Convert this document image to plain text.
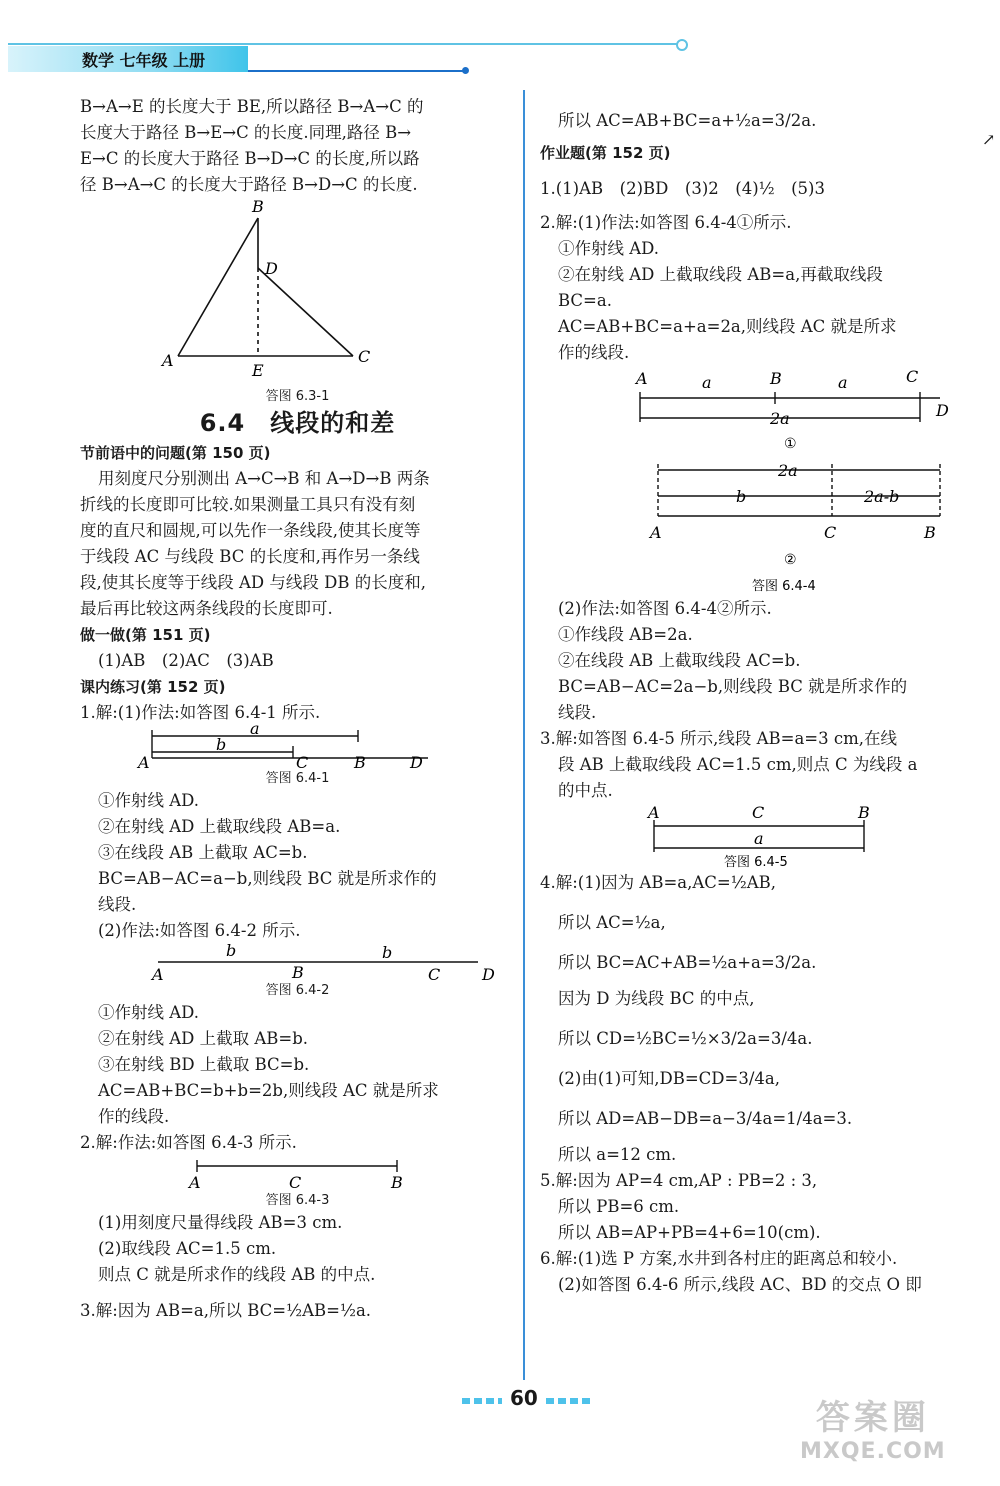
数学 七年级 上册
↗

B→A→E 的长度大于 BE,所以路径 B→A→C 的

长度大于路径 B→E→C 的长度.同理,路径 B→

E→C 的长度大于路径 B→D→C 的长度,所以路

径 B→A→C 的长度大于路径 B→D→C 的长度.

B
D
A
E
C

答图 6.3-1

6.4　线段的和差

节前语中的问题(第 150 页)

用刻度尺分别测出 A→C→B 和 A→D→B 两条

折线的长度即可比较.如果测量工具只有没有刻

度的直尺和圆规,可以先作一条线段,使其长度等

于线段 AC 与线段 BC 的长度和,再作另一条线

段,使其长度等于线段 AD 与线段 DB 的长度和,

最后再比较这两条线段的长度即可.

做一做(第 151 页)

(1)AB　(2)AC　(3)AB

课内练习(第 152 页)

1.解:(1)作法:如答图 6.4-1 所示.

a
A
b
C	B	D

答图 6.4-1

①作射线 AD.

②在射线 AD 上截取线段 AB=a.

③在线段 AB 上截取 AC=b.

BC=AB−AC=a−b,则线段 BC 就是所求作的

线段.

(2)作法:如答图 6.4-2 所示.

b	b
A	B	C	D

答图 6.4-2

①作射线 AD.

②在射线 AD 上截取 AB=b.

③在射线 BD 上截取 BC=b.

AC=AB+BC=b+b=2b,则线段 AC 就是所求

作的线段.

2.解:作法:如答图 6.4-3 所示.

A	C	B

答图 6.4-3

(1)用刻度尺量得线段 AB=3 cm.

(2)取线段 AC=1.5 cm.

则点 C 就是所求作的线段 AB 的中点.

3.解:因为 AB=a,所以 BC=½AB=½a.

所以 AC=AB+BC=a+½a=3/2a.

作业题(第 152 页)

1.(1)AB　(2)BD　(3)2　(4)½　(5)3

2.解:(1)作法:如答图 6.4-4①所示.

①作射线 AD.

②在射线 AD 上截取线段 AB=a,再截取线段

BC=a.

AC=AB+BC=a+a=2a,则线段 AC 就是所求

作的线段.

A	a	B	a	C
2a	D
①
2a
b	2a-b
A	C	B
②
答图 6.4-4

(2)作法:如答图 6.4-4②所示.

①作线段 AB=2a.

②在线段 AB 上截取线段 AC=b.

BC=AB−AC=2a−b,则线段 BC 就是所求作的

线段.

3.解:如答图 6.4-5 所示,线段 AB=a=3 cm,在线

段 AB 上截取线段 AC=1.5 cm,则点 C 为线段 a

的中点.

A	C	B
a
答图 6.4-5

4.解:(1)因为 AB=a,AC=½AB,

所以 AC=½a,

所以 BC=AC+AB=½a+a=3/2a.

因为 D 为线段 BC 的中点,

所以 CD=½BC=½×3/2a=3/4a.

(2)由(1)可知,DB=CD=3/4a,

所以 AD=AB−DB=a−3/4a=1/4a=3.

所以 a=12 cm.

5.解:因为 AP=4 cm,AP : PB=2 : 3,

所以 PB=6 cm.

所以 AB=AP+PB=4+6=10(cm).

6.解:(1)选 P 方案,水井到各村庄的距离总和较小.

(2)如答图 6.4-6 所示,线段 AC、BD 的交点 O 即

60	答案圈
MXQE.COM
